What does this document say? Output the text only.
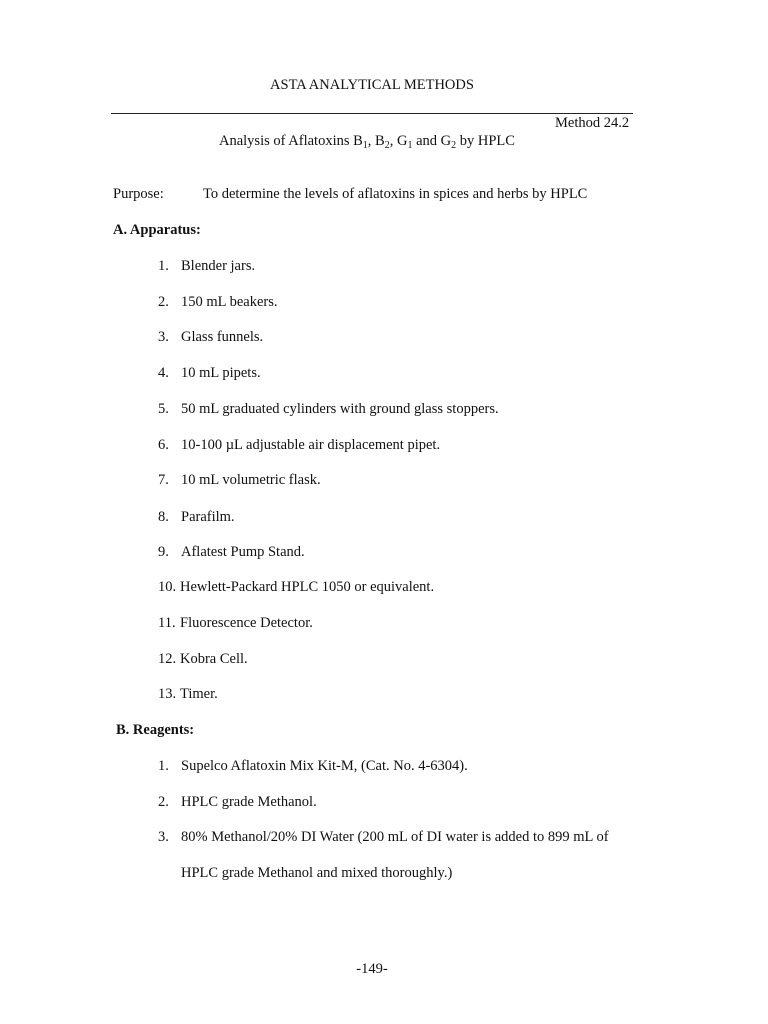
ASTA ANALYTICAL METHODS
Method 24.2
Analysis of Aflatoxins $B_1$, $B_2$, $G_1$ and $G_2$ by HPLC
Purpose:	To determine the levels of aflatoxins in spices and herbs by HPLC
A. Apparatus:
1. Blender jars.
2. 150 mL beakers.
3. Glass funnels.
4. 10 mL pipets.
5. 50 mL graduated cylinders with ground glass stoppers.
6. 10-100 µL adjustable air displacement pipet.
7. 10 mL volumetric flask.
8. Parafilm.
9. Aflatest Pump Stand.
10. Hewlett-Packard HPLC 1050 or equivalent.
11. Fluorescence Detector.
12. Kobra Cell.
13. Timer.
B. Reagents:
1. Supelco Aflatoxin Mix Kit-M, (Cat. No. 4-6304).
2. HPLC grade Methanol.
3. 80% Methanol/20% DI Water (200 mL of DI water is added to 899 mL of
HPLC grade Methanol and mixed thoroughly.)
-149-
